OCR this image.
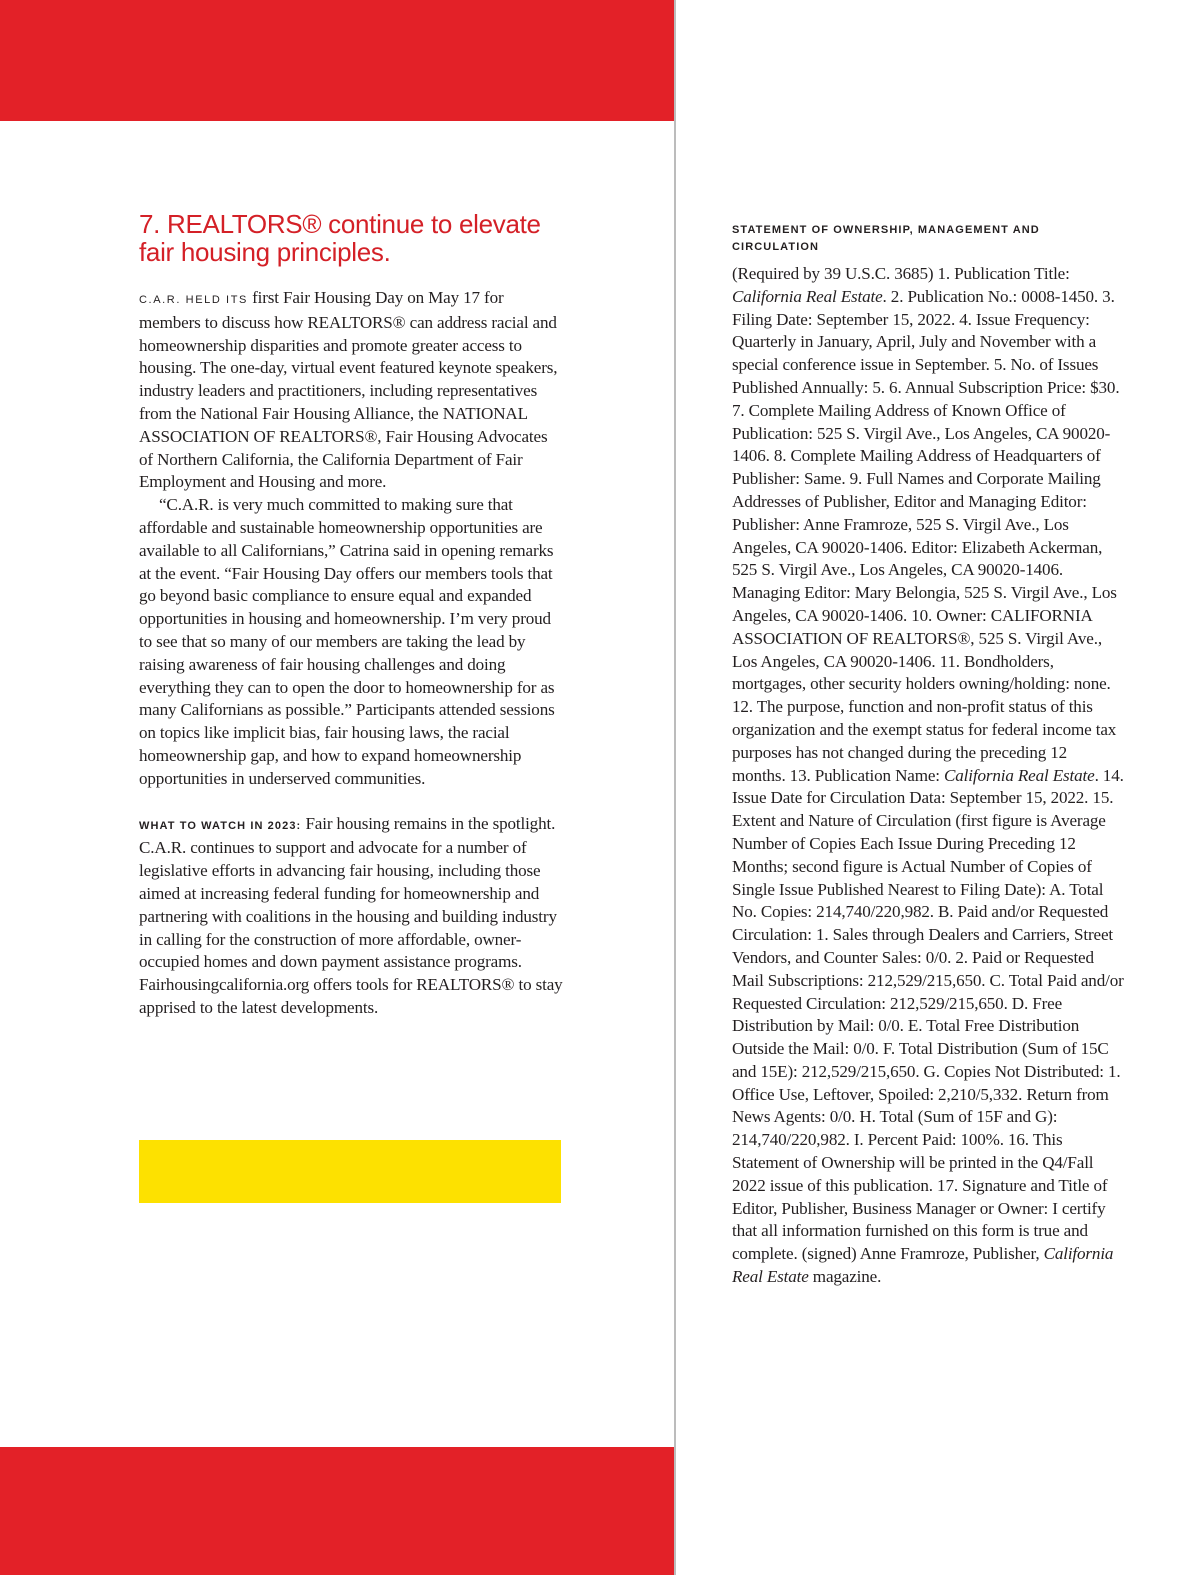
7. REALTORS® continue to elevate fair housing principles.

C.A.R. HELD ITS first Fair Housing Day on May 17 for members to discuss how REALTORS® can address racial and homeownership disparities and promote greater access to housing. The one-day, virtual event featured keynote speakers, industry leaders and practitioners, including representatives from the National Fair Housing Alliance, the NATIONAL ASSOCIATION OF REALTORS®, Fair Housing Advocates of Northern California, the California Department of Fair Employment and Housing and more.

“C.A.R. is very much committed to making sure that affordable and sustainable homeownership opportunities are available to all Californians,” Catrina said in opening remarks at the event. “Fair Housing Day offers our members tools that go beyond basic compliance to ensure equal and expanded opportunities in housing and homeownership. I’m very proud to see that so many of our members are taking the lead by raising awareness of fair housing challenges and doing everything they can to open the door to homeownership for as many Californians as possible.” Participants attended sessions on topics like implicit bias, fair housing laws, the racial homeownership gap, and how to expand homeownership opportunities in underserved communities.

WHAT TO WATCH IN 2023: Fair housing remains in the spotlight. C.A.R. continues to support and advocate for a number of legislative efforts in advancing fair housing, including those aimed at increasing federal funding for homeownership and partnering with coalitions in the housing and building industry in calling for the construction of more affordable, owner-occupied homes and down payment assistance programs. Fairhousingcalifornia.org offers tools for REALTORS® to stay apprised to the latest developments.

STATEMENT OF OWNERSHIP, MANAGEMENT AND CIRCULATION

(Required by 39 U.S.C. 3685) 1. Publication Title: California Real Estate. 2. Publication No.: 0008-1450. 3. Filing Date: September 15, 2022. 4. Issue Frequency: Quarterly in January, April, July and November with a special conference issue in September. 5. No. of Issues Published Annually: 5. 6. Annual Subscription Price: $30. 7. Complete Mailing Address of Known Office of Publication: 525 S. Virgil Ave., Los Angeles, CA 90020-1406. 8. Complete Mailing Address of Headquarters of Publisher: Same. 9. Full Names and Corporate Mailing Addresses of Publisher, Editor and Managing Editor: Publisher: Anne Framroze, 525 S. Virgil Ave., Los Angeles, CA 90020-1406. Editor: Elizabeth Ackerman, 525 S. Virgil Ave., Los Angeles, CA 90020-1406. Managing Editor: Mary Belongia, 525 S. Virgil Ave., Los Angeles, CA 90020-1406. 10. Owner: CALIFORNIA ASSOCIATION OF REALTORS®, 525 S. Virgil Ave., Los Angeles, CA 90020-1406. 11. Bondholders, mortgages, other security holders owning/holding: none. 12. The purpose, function and non-profit status of this organization and the exempt status for federal income tax purposes has not changed during the preceding 12 months. 13. Publication Name: California Real Estate. 14. Issue Date for Circulation Data: September 15, 2022. 15. Extent and Nature of Circulation (first figure is Average Number of Copies Each Issue During Preceding 12 Months; second figure is Actual Number of Copies of Single Issue Published Nearest to Filing Date): A. Total No. Copies: 214,740/220,982. B. Paid and/or Requested Circulation: 1. Sales through Dealers and Carriers, Street Vendors, and Counter Sales: 0/0. 2. Paid or Requested Mail Subscriptions: 212,529/215,650. C. Total Paid and/or Requested Circulation: 212,529/215,650. D. Free Distribution by Mail: 0/0. E. Total Free Distribution Outside the Mail: 0/0. F. Total Distribution (Sum of 15C and 15E): 212,529/215,650. G. Copies Not Distributed: 1. Office Use, Leftover, Spoiled: 2,210/5,332. Return from News Agents: 0/0. H. Total (Sum of 15F and G): 214,740/220,982. I. Percent Paid: 100%. 16. This Statement of Ownership will be printed in the Q4/Fall 2022 issue of this publication. 17. Signature and Title of Editor, Publisher, Business Manager or Owner: I certify that all information furnished on this form is true and complete. (signed) Anne Framroze, Publisher, California Real Estate magazine.
